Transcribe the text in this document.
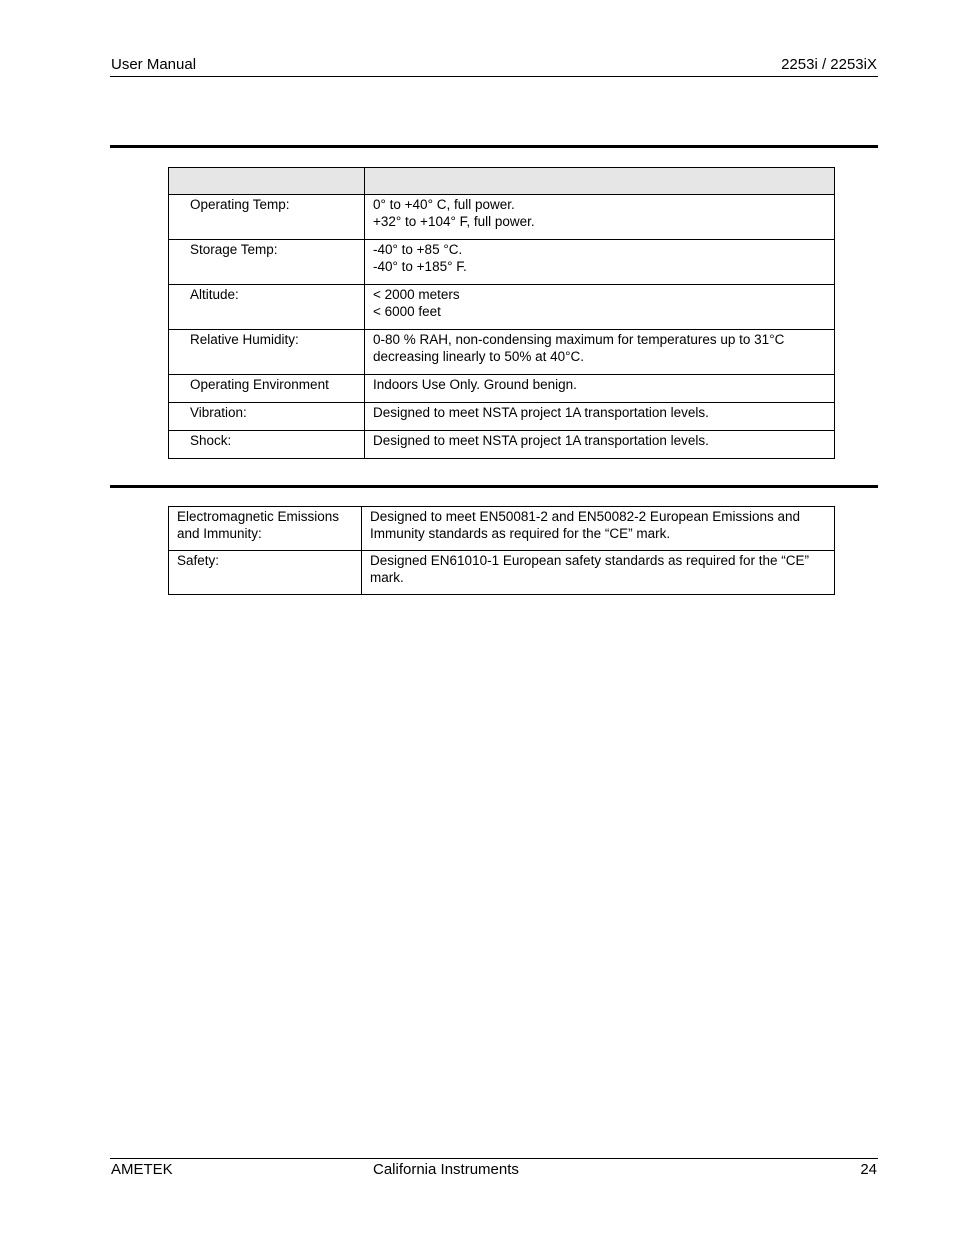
User Manual	2253i / 2253iX

Operating Temp:	0° to +40° C, full power.
+32° to +104° F, full power.

Storage Temp:	-40° to +85 °C.
-40° to +185° F.

Altitude:	< 2000 meters
< 6000 feet

Relative Humidity:	0-80 % RAH, non-condensing maximum for temperatures up to 31°C
decreasing linearly to 50% at 40°C.

Operating Environment	Indoors Use Only. Ground benign.

Vibration:	Designed to meet NSTA project 1A transportation levels.

Shock:	Designed to meet NSTA project 1A transportation levels.
Electromagnetic Emissions
and Immunity:	Designed to meet EN50081-2 and EN50082-2 European Emissions and
Immunity standards as required for the “CE” mark.

Safety:	Designed EN61010-1 European safety standards as required for the “CE”
mark.
AMETEK	California Instruments	24
